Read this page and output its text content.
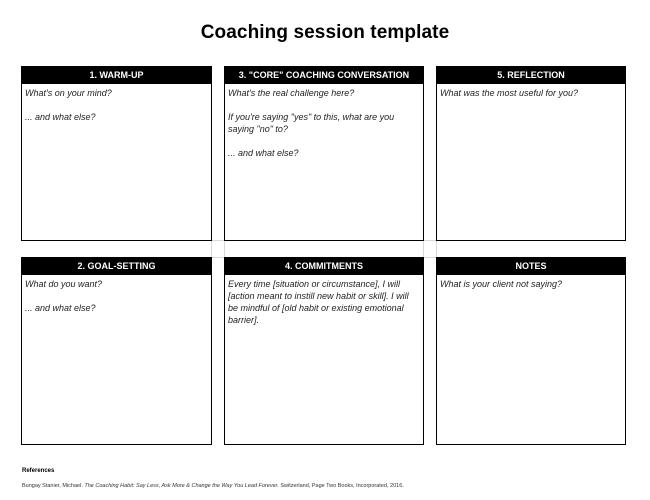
Coaching session template
1. WARM-UP

What's on your mind?

... and what else?

3. "CORE" COACHING CONVERSATION

What's the real challenge here?

If you're saying "yes" to this, what are you saying "no" to?

... and what else?

5. REFLECTION

What was the most useful for you?

2. GOAL-SETTING

What do you want?

... and what else?

4. COMMITMENTS

Every time [situation or circumstance], I will [action meant to instill new habit or skill]. I will be mindful of [old habit or existing emotional barrier].

NOTES

What is your client not saying?

References
Bungay Stanier, Michael. The Coaching Habit: Say Less, Ask More & Change the Way You Lead Forever. Switzerland, Page Two Books, Incorporated, 2016.
